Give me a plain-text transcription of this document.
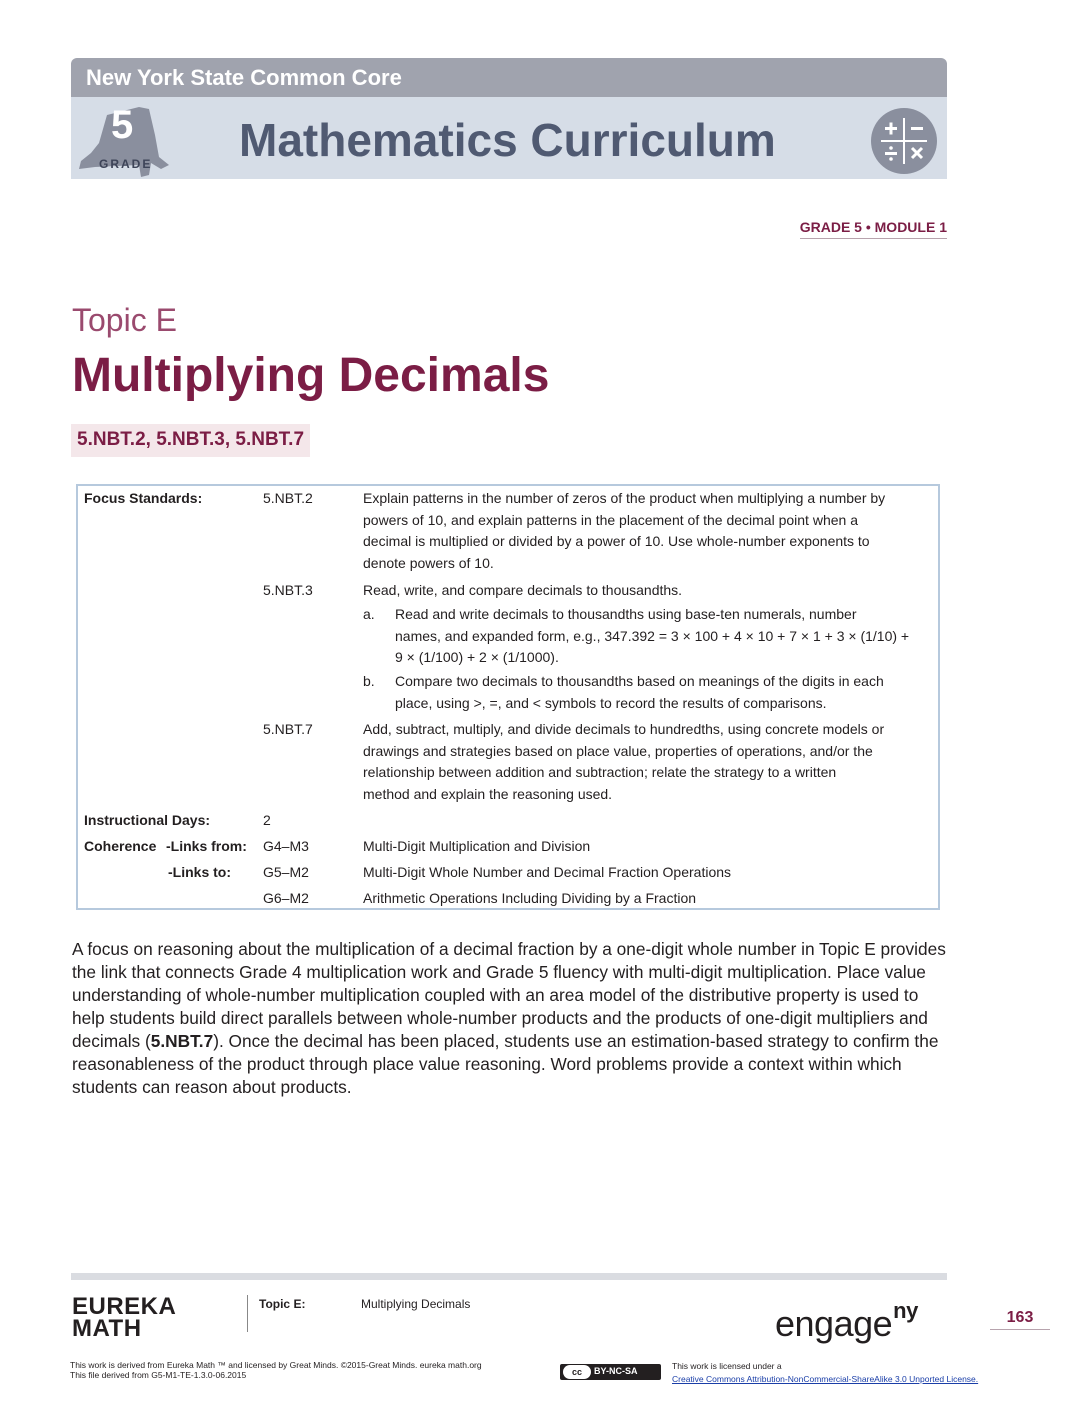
New York State Common Core
5
GRADE Mathematics Curriculum
GRADE 5 • MODULE 1
Topic E
Multiplying Decimals
5.NBT.2, 5.NBT.3, 5.NBT.7
Focus Standards:	5.NBT.2	Explain patterns in the number of zeros of the product when multiplying a number by
powers of 10, and explain patterns in the placement of the decimal point when a
decimal is multiplied or divided by a power of 10. Use whole-number exponents to
denote powers of 10.
5.NBT.3	Read, write, and compare decimals to thousandths.
a. Read and write decimals to thousandths using base-ten numerals, number
names, and expanded form, e.g., 347.392 = 3 × 100 + 4 × 10 + 7 × 1 + 3 × (1/10) +
9 × (1/100) + 2 × (1/1000).
b. Compare two decimals to thousandths based on meanings of the digits in each
place, using >, =, and < symbols to record the results of comparisons.
5.NBT.7	Add, subtract, multiply, and divide decimals to hundredths, using concrete models or
drawings and strategies based on place value, properties of operations, and/or the
relationship between addition and subtraction; relate the strategy to a written
method and explain the reasoning used.
Instructional Days:	2
Coherence -Links from: G4–M3	Multi-Digit Multiplication and Division
-Links to: G5–M2	Multi-Digit Whole Number and Decimal Fraction Operations
G6–M2	Arithmetic Operations Including Dividing by a Fraction
A focus on reasoning about the multiplication of a decimal fraction by a one-digit whole number in Topic E provides the link that connects Grade 4 multiplication work and Grade 5 fluency with multi-digit multiplication. Place value understanding of whole-number multiplication coupled with an area model of the distributive property is used to help students build direct parallels between whole-number products and the products of one-digit multipliers and decimals (5.NBT.7). Once the decimal has been placed, students use an estimation-based strategy to confirm the reasonableness of the product through place value reasoning. Word problems provide a context within which students can reason about products.
EUREKA
MATH
Topic E:	Multiplying Decimals	engage$^{ny}$	163
This work is derived from Eureka Math ™ and licensed by Great Minds. ©2015-Great Minds. eureka math.org
This file derived from G5-M1-TE-1.3.0-06.2015	cc	BY-NC-SA	This work is licensed under a
Creative Commons Attribution-NonCommercial-ShareAlike 3.0 Unported License.
